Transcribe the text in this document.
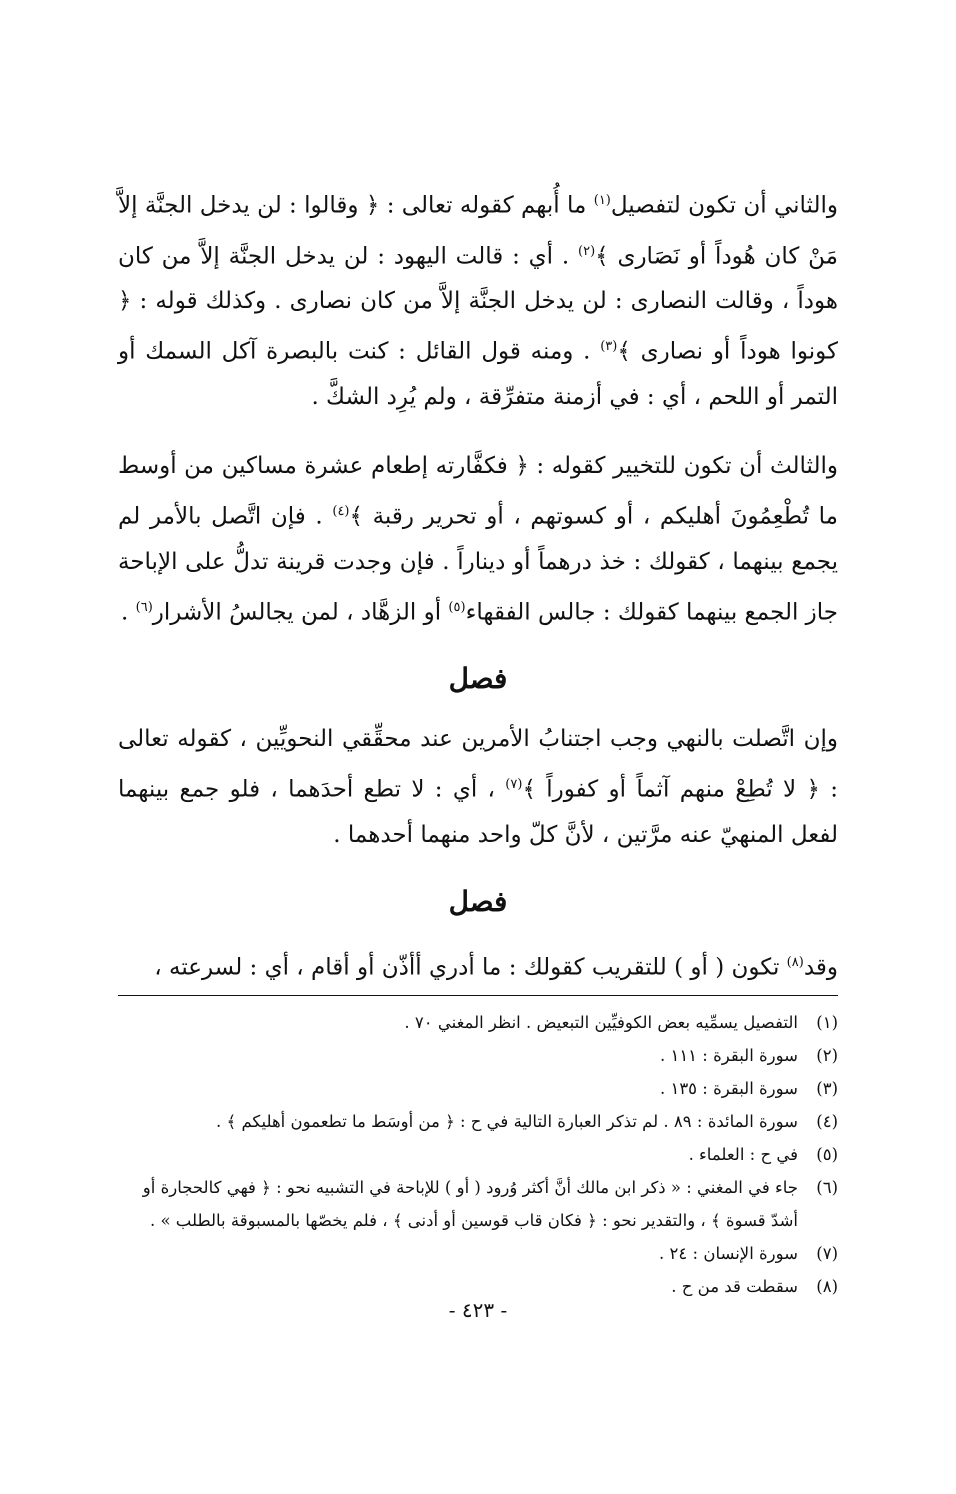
والثاني أن تكون لتفصيل$^{(١)}$ ما أُبهم كقوله تعالى : ﴿ وقالوا : لن يدخل الجنَّة إلاَّ مَنْ كان هُوداً أو نَصَارى ﴾$^{(٢)}$ . أي : قالت اليهود : لن يدخل الجنَّة إلاَّ من كان هوداً ، وقالت النصارى : لن يدخل الجنَّة إلاَّ من كان نصارى . وكذلك قوله : ﴿ كونوا هوداً أو نصارى ﴾$^{(٣)}$ . ومنه قول القائل : كنت بالبصرة آكل السمك أو التمر أو اللحم ، أي : في أزمنة متفرِّقة ، ولم يُرِد الشكَّ .

والثالث أن تكون للتخيير كقوله : ﴿ فكفَّارته إطعام عشرة مساكين من أوسط ما تُطْعِمُونَ أهليكم ، أو كسوتهم ، أو تحرير رقبة ﴾$^{(٤)}$ . فإن اتَّصل بالأمر لم يجمع بينهما ، كقولك : خذ درهماً أو ديناراً . فإن وجدت قرينة تدلُّ على الإباحة جاز الجمع بينهما كقولك : جالس الفقهاء$^{(٥)}$ أو الزهَّاد ، لمن يجالسُ الأشرار$^{(٦)}$ .

فصل

وإن اتَّصلت بالنهي وجب اجتنابُ الأمرين عند محقِّقي النحويِّين ، كقوله تعالى : ﴿ لا تُطِعْ منهم آثماً أو كفوراً ﴾$^{(٧)}$ ، أي : لا تطع أحدَهما ، فلو جمع بينهما لفعل المنهيّ عنه مرَّتين ، لأنَّ كلّ واحد منهما أحدهما .

فصل

وقد$^{(٨)}$ تكون ( أو ) للتقريب كقولك : ما أدري أأذّن أو أقام ، أي : لسرعته ،

(١)
التفصيل يسمِّيه بعض الكوفيِّين التبعيض . انظر المغني ٧٠ .
(٢)
سورة البقرة : ١١١ .
(٣)
سورة البقرة : ١٣٥ .
(٤)
سورة المائدة : ٨٩ . لم تذكر العبارة التالية في ح : ﴿ من أوسَط ما تطعمون أهليكم ﴾ .
(٥)
في ح : العلماء .
(٦)
جاء في المغني : « ذكر ابن مالك أنَّ أكثر وُرود ( أو ) للإباحة في التشبيه نحو : ﴿ فهي كالحجارة أو أشدّ قسوة ﴾ ، والتقدير نحو : ﴿ فكان قاب قوسين أو أدنى ﴾ ، فلم يخصّها بالمسبوقة بالطلب » .
(٧)
سورة الإنسان : ٢٤ .
(٨)
سقطت قد من ح .
- ٤٢٣ -
